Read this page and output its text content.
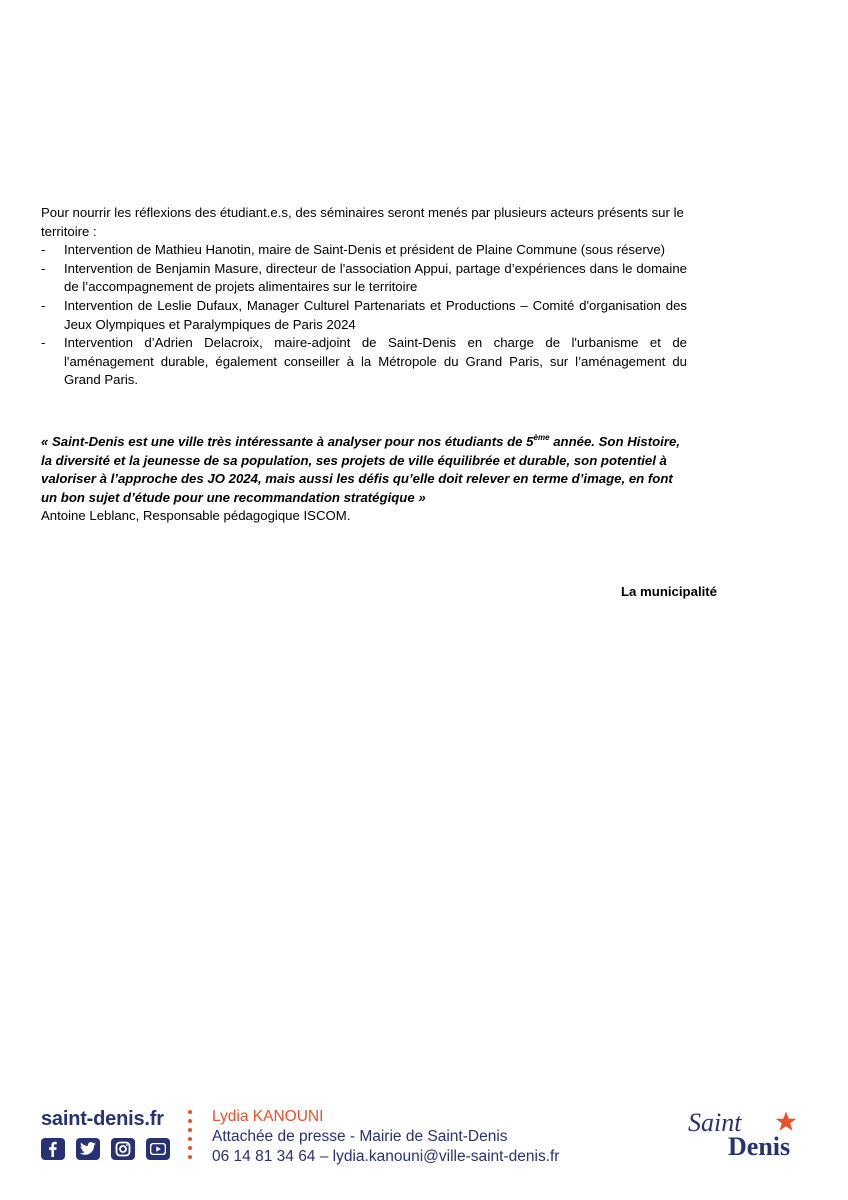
Pour nourrir les réflexions des étudiant.e.s, des séminaires seront menés par plusieurs acteurs présents sur le territoire :

- Intervention de Mathieu Hanotin, maire de Saint-Denis et président de Plaine Commune (sous réserve)
- Intervention de Benjamin Masure, directeur de l'association Appui, partage d’expériences dans le domaine de l’accompagnement de projets alimentaires sur le territoire
- Intervention de Leslie Dufaux, Manager Culturel Partenariats et Productions – Comité d'organisation des Jeux Olympiques et Paralympiques de Paris 2024
- Intervention d’Adrien Delacroix, maire-adjoint de Saint-Denis en charge de l'urbanisme et de l'aménagement durable, également conseiller à la Métropole du Grand Paris, sur l’aménagement du Grand Paris.

« Saint-Denis est une ville très intéressante à analyser pour nos étudiants de 5ème année. Son Histoire, la diversité et la jeunesse de sa population, ses projets de ville équilibrée et durable, son potentiel à valoriser à l’approche des JO 2024, mais aussi les défis qu’elle doit relever en terme d’image, en font un bon sujet d’étude pour une recommandation stratégique »

Antoine Leblanc, Responsable pédagogique ISCOM.

La municipalité
saint-denis.fr	Lydia KANOUNI
Attachée de presse - Mairie de Saint-Denis
06 14 81 34 64 – lydia.kanouni@ville-saint-denis.fr
Saint
Denis
